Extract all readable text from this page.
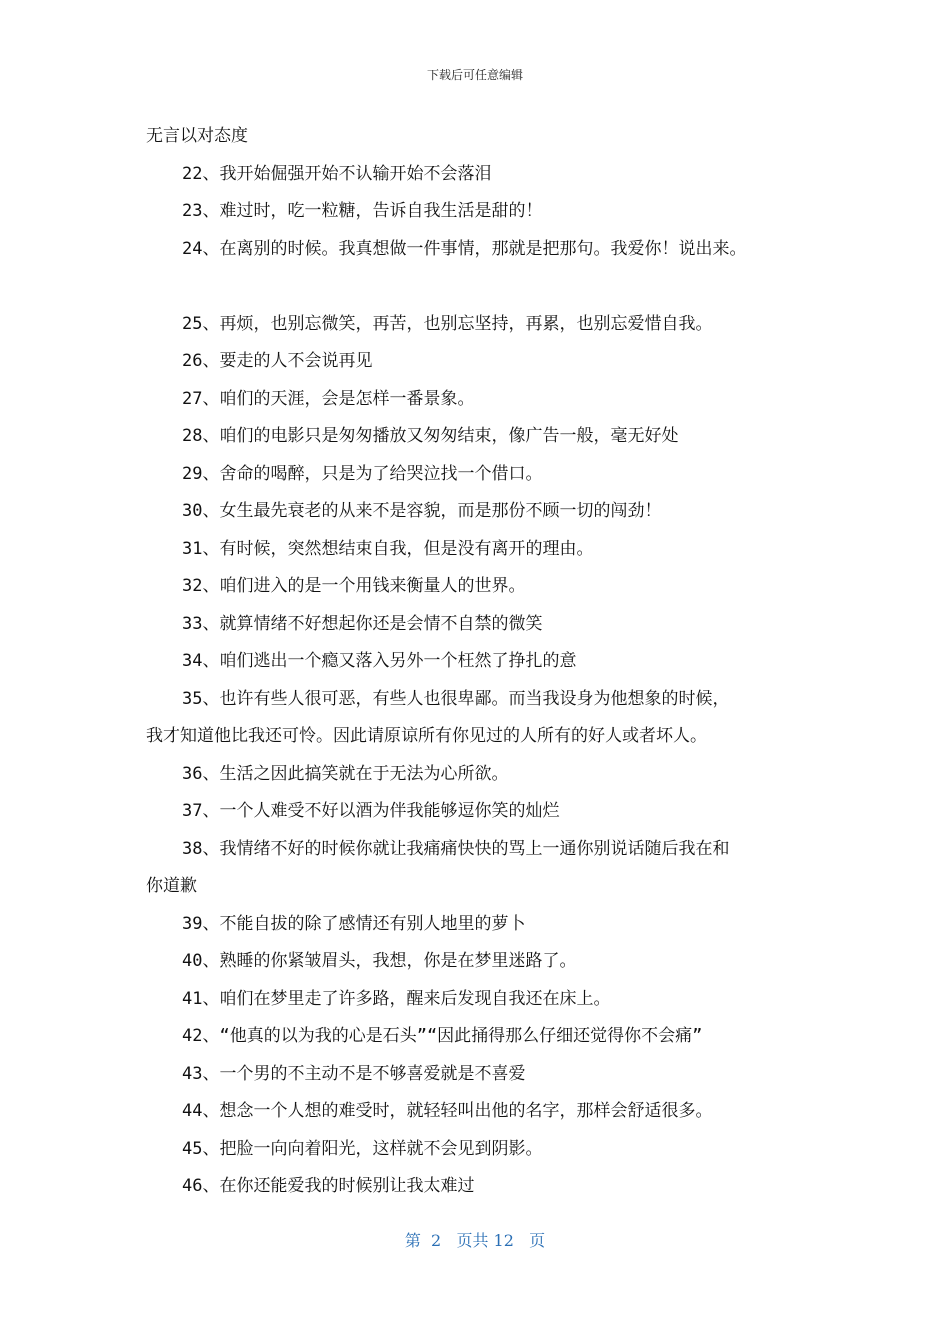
下载后可任意编辑
无言以对态度
22、我开始倔强开始不认输开始不会落泪
23、难过时，吃一粒糖，告诉自我生活是甜的！
24、在离别的时候。我真想做一件事情，那就是把那句。我爱你！说出来。
25、再烦，也别忘微笑，再苦，也别忘坚持，再累，也别忘爱惜自我。
26、要走的人不会说再见
27、咱们的天涯，会是怎样一番景象。
28、咱们的电影只是匆匆播放又匆匆结束，像广告一般，毫无好处
29、舍命的喝醉，只是为了给哭泣找一个借口。
30、女生最先衰老的从来不是容貌，而是那份不顾一切的闯劲！
31、有时候，突然想结束自我，但是没有离开的理由。
32、咱们进入的是一个用钱来衡量人的世界。
33、就算情绪不好想起你还是会情不自禁的微笑
34、咱们逃出一个瘾又落入另外一个枉然了挣扎的意
35、也许有些人很可恶，有些人也很卑鄙。而当我设身为他想象的时候，
我才知道他比我还可怜。因此请原谅所有你见过的人所有的好人或者坏人。
36、生活之因此搞笑就在于无法为心所欲。
37、一个人难受不好以酒为伴我能够逗你笑的灿烂
38、我情绪不好的时候你就让我痛痛快快的骂上一通你别说话随后我在和
你道歉
39、不能自拔的除了感情还有别人地里的萝卜
40、熟睡的你紧皱眉头，我想，你是在梦里迷路了。
41、咱们在梦里走了许多路，醒来后发现自我还在床上。
42、“他真的以为我的心是石头”“因此捅得那么仔细还觉得你不会痛”
43、一个男的不主动不是不够喜爱就是不喜爱
44、想念一个人想的难受时，就轻轻叫出他的名字，那样会舒适很多。
45、把脸一向向着阳光，这样就不会见到阴影。
46、在你还能爱我的时候别让我太难过
第  2   页共 12   页
